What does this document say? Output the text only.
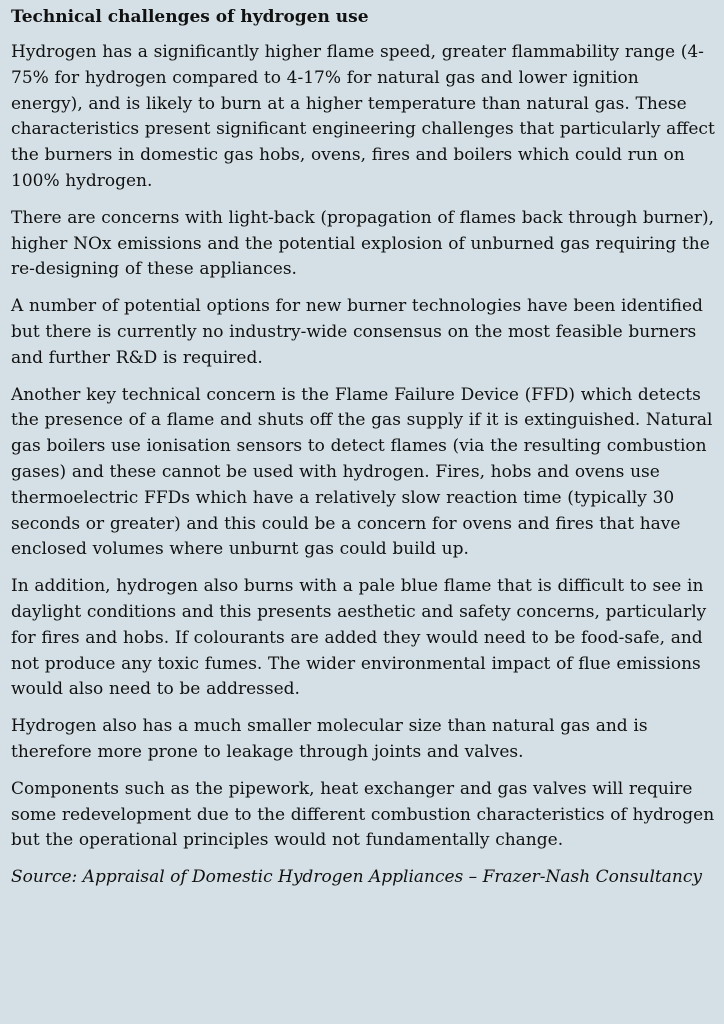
Technical challenges of hydrogen use

Hydrogen has a significantly higher flame speed, greater flammability range (4-75% for hydrogen compared to 4-17% for natural gas and lower ignition energy), and is likely to burn at a higher temperature than natural gas. These characteristics present significant engineering challenges that particularly affect the burners in domestic gas hobs, ovens, fires and boilers which could run on 100% hydrogen.

There are concerns with light-back (propagation of flames back through burner), higher NOx emissions and the potential explosion of unburned gas requiring the re-designing of these appliances.

A number of potential options for new burner technologies have been identified but there is currently no industry-wide consensus on the most feasible burners and further R&D is required.

Another key technical concern is the Flame Failure Device (FFD) which detects the presence of a flame and shuts off the gas supply if it is extinguished. Natural gas boilers use ionisation sensors to detect flames (via the resulting combustion gases) and these cannot be used with hydrogen. Fires, hobs and ovens use thermoelectric FFDs which have a relatively slow reaction time (typically 30 seconds or greater) and this could be a concern for ovens and fires that have enclosed volumes where unburnt gas could build up.

In addition, hydrogen also burns with a pale blue flame that is difficult to see in daylight conditions and this presents aesthetic and safety concerns, particularly for fires and hobs. If colourants are added they would need to be food-safe, and not produce any toxic fumes. The wider environmental impact of flue emissions would also need to be addressed.

Hydrogen also has a much smaller molecular size than natural gas and is therefore more prone to leakage through joints and valves.

Components such as the pipework, heat exchanger and gas valves will require some redevelopment due to the different combustion characteristics of hydrogen but the operational principles would not fundamentally change.

Source: Appraisal of Domestic Hydrogen Appliances – Frazer-Nash Consultancy
